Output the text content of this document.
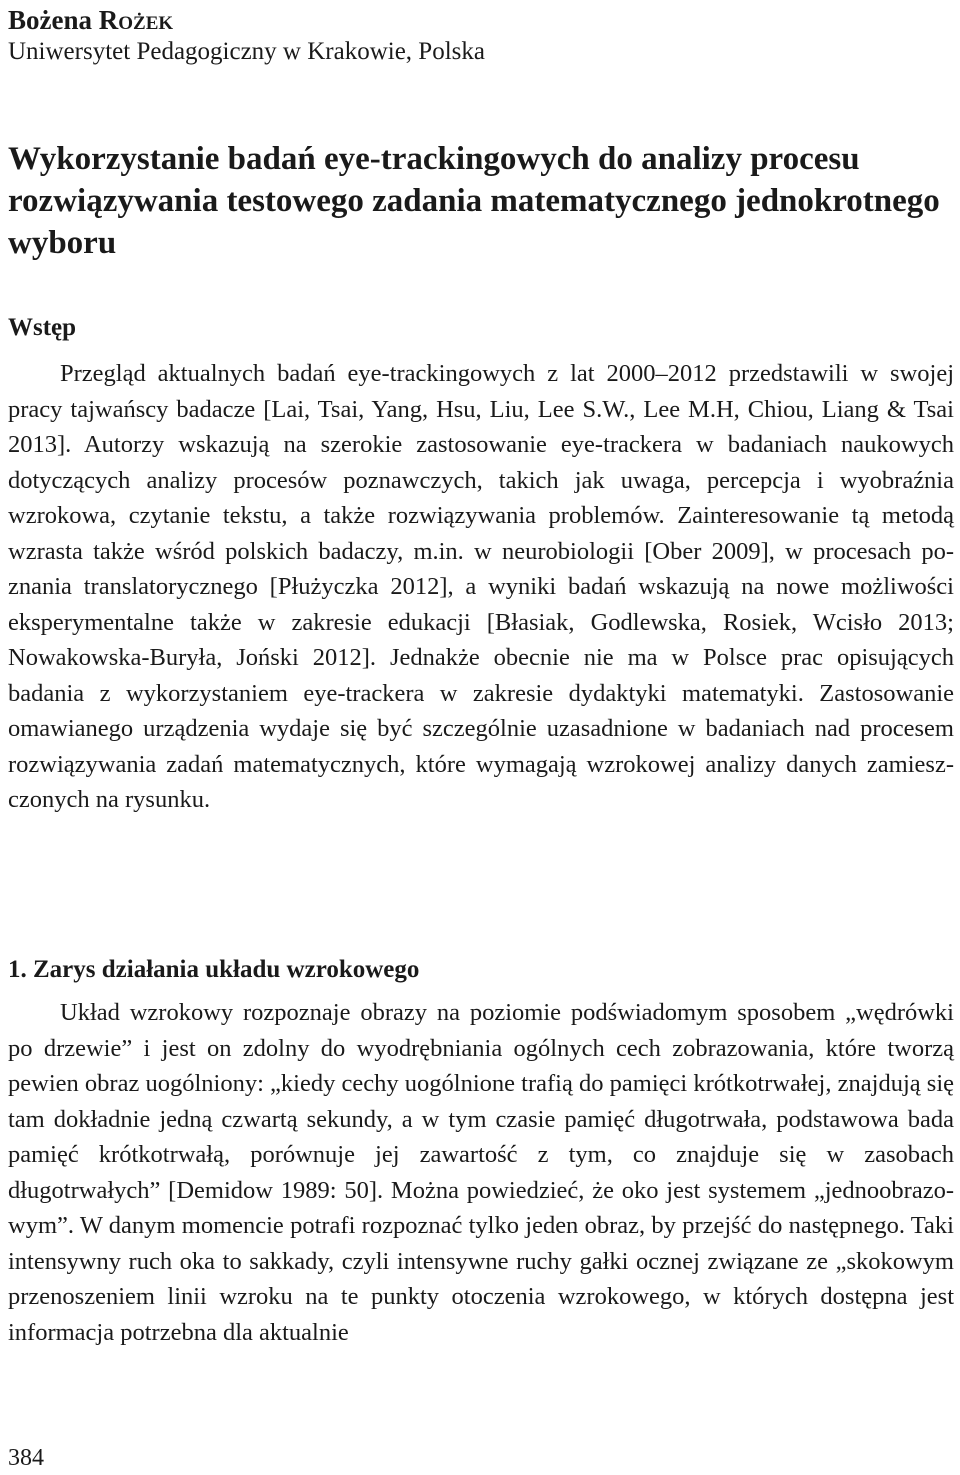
Bożena Rożek
Uniwersytet Pedagogiczny w Krakowie, Polska
Wykorzystanie badań eye-trackingowych do analizy procesu rozwiązywania testowego zadania matematycznego jednokrotnego wyboru
Wstęp

Przegląd aktualnych badań eye-trackingowych z lat 2000–2012 przedstawili w swojej pracy tajwańscy badacze [Lai, Tsai, Yang, Hsu, Liu, Lee S.W., Lee M.H, Chiou, Liang & Tsai 2013]. Autorzy wskazują na szerokie zastosowanie eye-trackera w badaniach naukowych dotyczących analizy procesów poznawczych, takich jak uwaga, percepcja i wyobraźnia wzrokowa, czytanie tekstu, a także rozwiązywania problemów. Zainteresowanie tą metodą wzrasta także wśród polskich badaczy, m.in. w neurobiologii [Ober 2009], w procesach poznania translatorycznego [Płużyczka 2012], a wyniki badań wskazują na nowe możliwości eksperymentalne także w zakresie edukacji [Błasiak, Godlewska, Rosiek, Wcisło 2013; Nowakowska-Buryła, Joński 2012]. Jednakże obecnie nie ma w Polsce prac opisujących badania z wykorzystaniem eye-trackera w zakresie dydaktyki matematyki. Zastosowanie omawianego urządzenia wydaje się być szczególnie uzasadnione w badaniach nad procesem rozwiązywania zadań matematycznych, które wymagają wzrokowej analizy danych zamieszczonych na rysunku.

1. Zarys działania układu wzrokowego

Układ wzrokowy rozpoznaje obrazy na poziomie podświadomym sposobem „wędrówki po drzewie” i jest on zdolny do wyodrębniania ogólnych cech zobrazowania, które tworzą pewien obraz uogólniony: „kiedy cechy uogólnione trafią do pamięci krótkotrwałej, znajdują się tam dokładnie jedną czwartą sekundy, a w tym czasie pamięć długotrwała, podstawowa bada pamięć krótkotrwałą, porównuje jej zawartość z tym, co znajduje się w zasobach długotrwałych” [Demidow 1989: 50]. Można powiedzieć, że oko jest systemem „jednoobrazowym”. W danym momencie potrafi rozpoznać tylko jeden obraz, by przejść do następnego. Taki intensywny ruch oka to sakkady, czyli intensywne ruchy gałki ocznej związane ze „skokowym przenoszeniem linii wzroku na te punkty otoczenia wzrokowego, w których dostępna jest informacja potrzebna dla aktualnie

384
